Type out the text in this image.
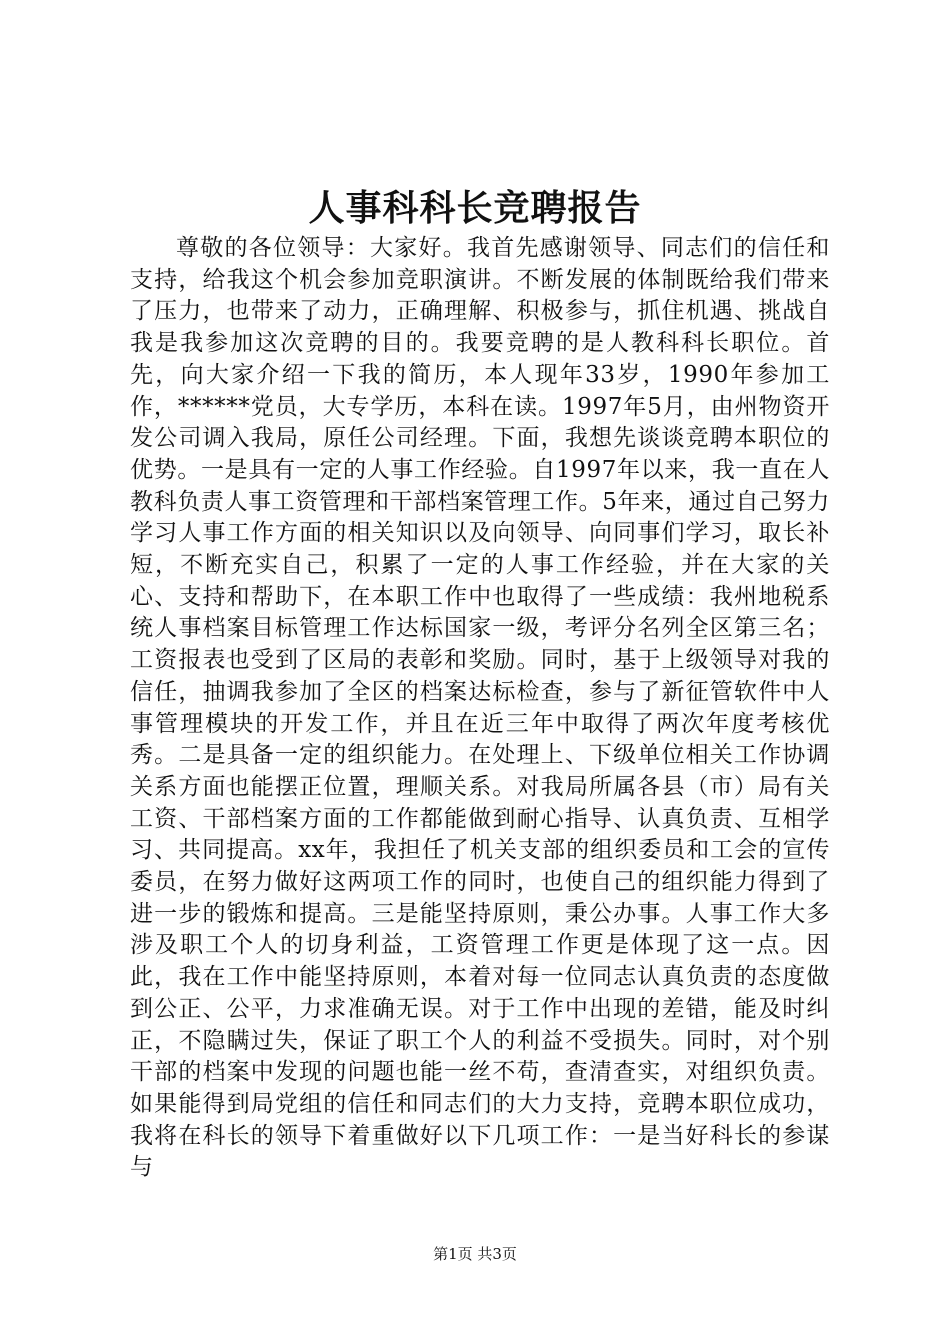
人事科科长竞聘报告
尊敬的各位领导：大家好。我首先感谢领导、同志们的信任和支持，给我这个机会参加竞职演讲。不断发展的体制既给我们带来了压力，也带来了动力，正确理解、积极参与，抓住机遇、挑战自我是我参加这次竞聘的目的。我要竞聘的是人教科科长职位。首先，向大家介绍一下我的简历，本人现年33岁，1990年参加工作，******党员，大专学历，本科在读。1997年5月，由州物资开发公司调入我局，原任公司经理。下面，我想先谈谈竞聘本职位的优势。一是具有一定的人事工作经验。自1997年以来，我一直在人教科负责人事工资管理和干部档案管理工作。5年来，通过自己努力学习人事工作方面的相关知识以及向领导、向同事们学习，取长补短，不断充实自己，积累了一定的人事工作经验，并在大家的关心、支持和帮助下，在本职工作中也取得了一些成绩：我州地税系统人事档案目标管理工作达标国家一级，考评分名列全区第三名；工资报表也受到了区局的表彰和奖励。同时，基于上级领导对我的信任，抽调我参加了全区的档案达标检查，参与了新征管软件中人事管理模块的开发工作，并且在近三年中取得了两次年度考核优秀。二是具备一定的组织能力。在处理上、下级单位相关工作协调关系方面也能摆正位置，理顺关系。对我局所属各县（市）局有关工资、干部档案方面的工作都能做到耐心指导、认真负责、互相学习、共同提高。xx年，我担任了机关支部的组织委员和工会的宣传委员，在努力做好这两项工作的同时，也使自己的组织能力得到了进一步的锻炼和提高。三是能坚持原则，秉公办事。人事工作大多涉及职工个人的切身利益，工资管理工作更是体现了这一点。因此，我在工作中能坚持原则，本着对每一位同志认真负责的态度做到公正、公平，力求准确无误。对于工作中出现的差错，能及时纠正，不隐瞒过失，保证了职工个人的利益不受损失。同时，对个别干部的档案中发现的问题也能一丝不苟，查清查实，对组织负责。如果能得到局党组的信任和同志们的大力支持，竞聘本职位成功，我将在科长的领导下着重做好以下几项工作：一是当好科长的参谋与
第1页 共3页
